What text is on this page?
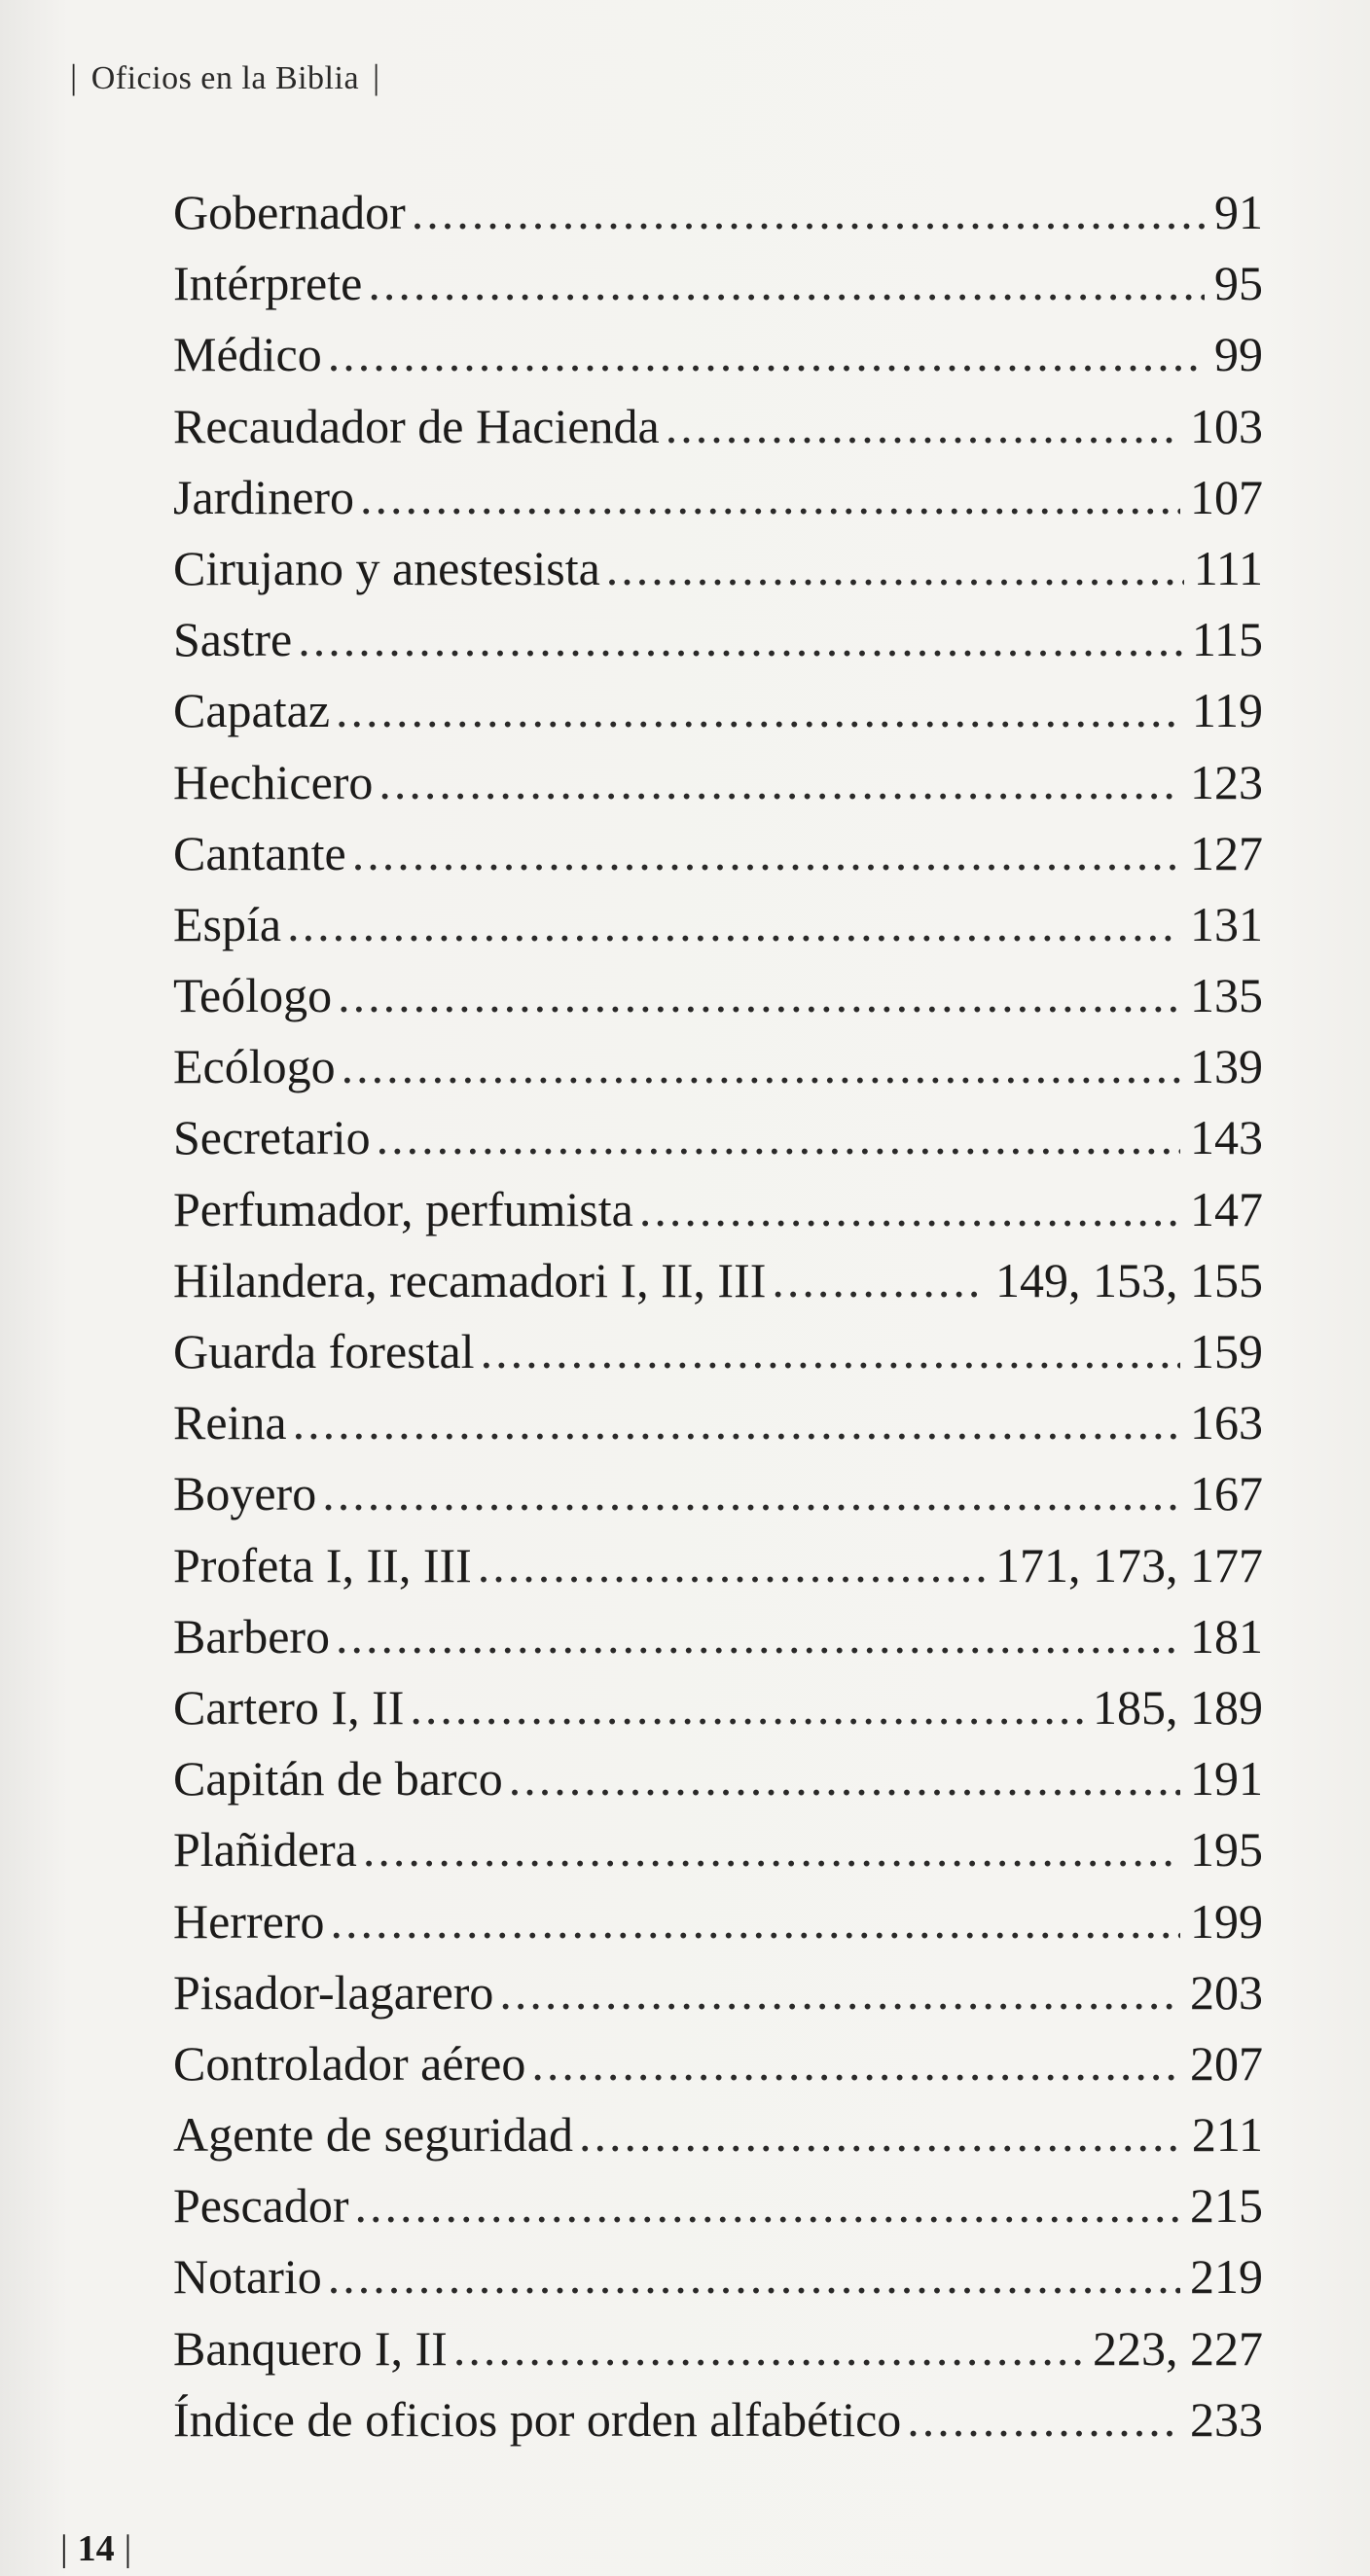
| Oficios en la Biblia |
Gobernador .....	91
Intérprete .....	95
Médico .....	99
Recaudador de Hacienda .....	103
Jardinero .....	107
Cirujano y anestesista .....	111
Sastre .....	115
Capataz .....	119
Hechicero .....	123
Cantante .....	127
Espía .....	131
Teólogo .....	135
Ecólogo .....	139
Secretario .....	143
Perfumador, perfumista .....	147
Hilandera, recamadori I, II, III .....	149, 153, 155
Guarda forestal .....	159
Reina .....	163
Boyero .....	167
Profeta I, II, III .....	171, 173, 177
Barbero .....	181
Cartero I, II .....	185, 189
Capitán de barco .....	191
Plañidera .....	195
Herrero .....	199
Pisador-lagarero .....	203
Controlador aéreo .....	207
Agente de seguridad .....	211
Pescador .....	215
Notario .....	219
Banquero I, II .....	223, 227
Índice de oficios por orden alfabético .....	233
| 14 |
